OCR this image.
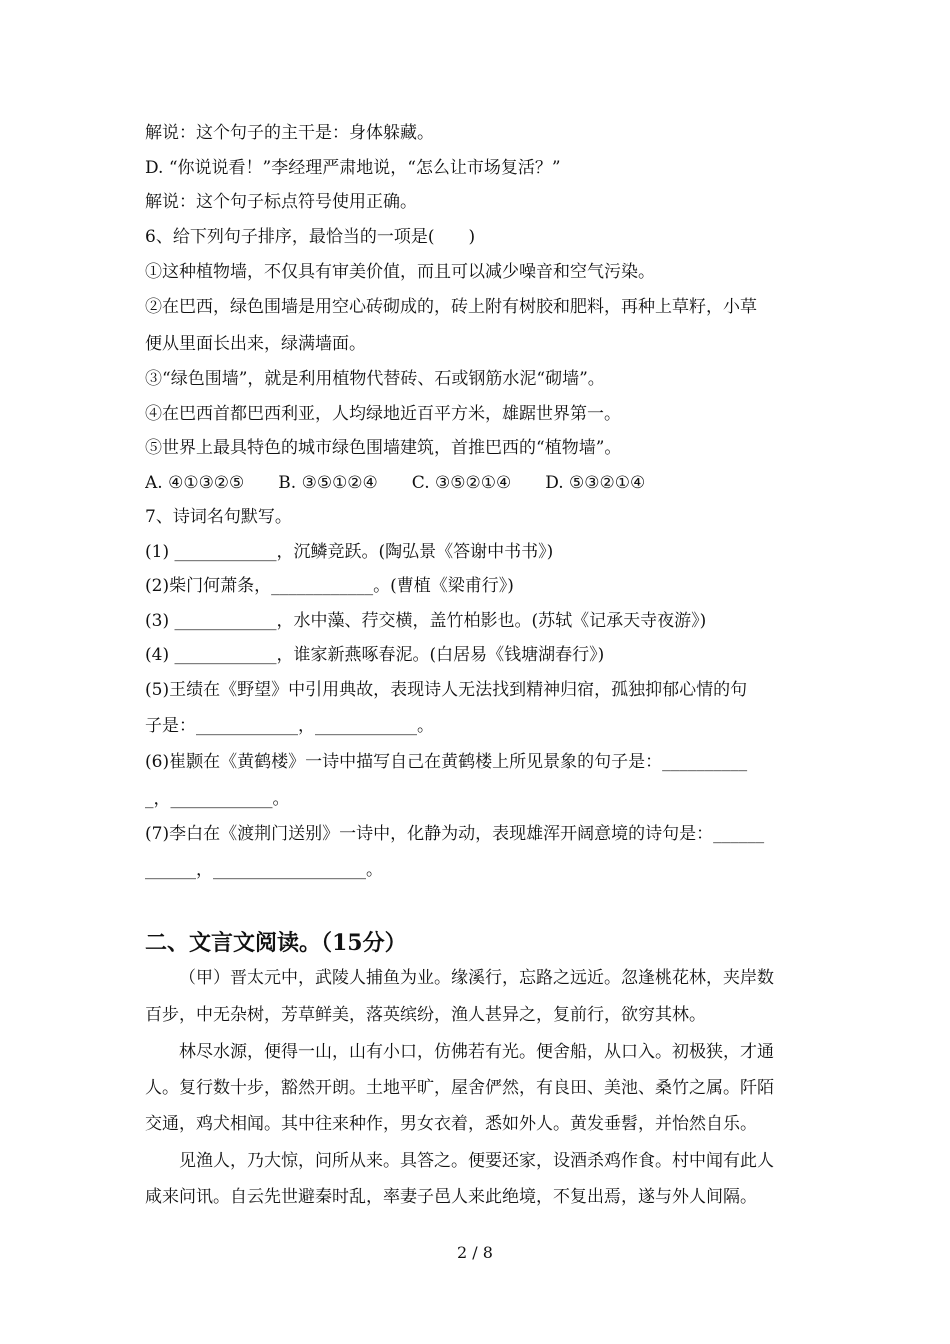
解说：这个句子的主干是：身体躲藏。
D. “你说说看！”李经理严肃地说，“怎么让市场复活？”
解说：这个句子标点符号使用正确。
6、给下列句子排序，最恰当的一项是(　　)
①这种植物墙，不仅具有审美价值，而且可以减少噪音和空气污染。
②在巴西，绿色围墙是用空心砖砌成的，砖上附有树胶和肥料，再种上草籽，小草
便从里面长出来，绿满墙面。
③“绿色围墙”，就是利用植物代替砖、石或钢筋水泥“砌墙”。
④在巴西首都巴西利亚，人均绿地近百平方米，雄踞世界第一。
⑤世界上最具特色的城市绿色围墙建筑，首推巴西的“植物墙”。
A. ④①③②⑤　　B. ③⑤①②④　　C. ③⑤②①④　　D. ⑤③②①④
7、诗词名句默写。
(1) ____________，沉鳞竞跃。(陶弘景《答谢中书书》)
(2)柴门何萧条，____________。(曹植《梁甫行》)
(3) ____________，水中藻、荇交横，盖竹柏影也。(苏轼《记承天寺夜游》)
(4) ____________，谁家新燕啄春泥。(白居易《钱塘湖春行》)
(5)王绩在《野望》中引用典故，表现诗人无法找到精神归宿，孤独抑郁心情的句
子是：____________，____________。
(6)崔颢在《黄鹤楼》一诗中描写自己在黄鹤楼上所见景象的句子是：__________
_，____________。
(7)李白在《渡荆门送别》一诗中，化静为动，表现雄浑开阔意境的诗句是：______
______，__________________。
二、文言文阅读。（15分）
（甲）晋太元中，武陵人捕鱼为业。缘溪行，忘路之远近。忽逢桃花林，夹岸数
百步，中无杂树，芳草鲜美，落英缤纷，渔人甚异之，复前行，欲穷其林。
林尽水源，便得一山，山有小口，仿佛若有光。便舍船，从口入。初极狭，才通
人。复行数十步，豁然开朗。土地平旷，屋舍俨然，有良田、美池、桑竹之属。阡陌
交通，鸡犬相闻。其中往来种作，男女衣着，悉如外人。黄发垂髫，并怡然自乐。
见渔人，乃大惊，问所从来。具答之。便要还家，设酒杀鸡作食。村中闻有此人
咸来问讯。自云先世避秦时乱，率妻子邑人来此绝境，不复出焉，遂与外人间隔。
2 / 8
